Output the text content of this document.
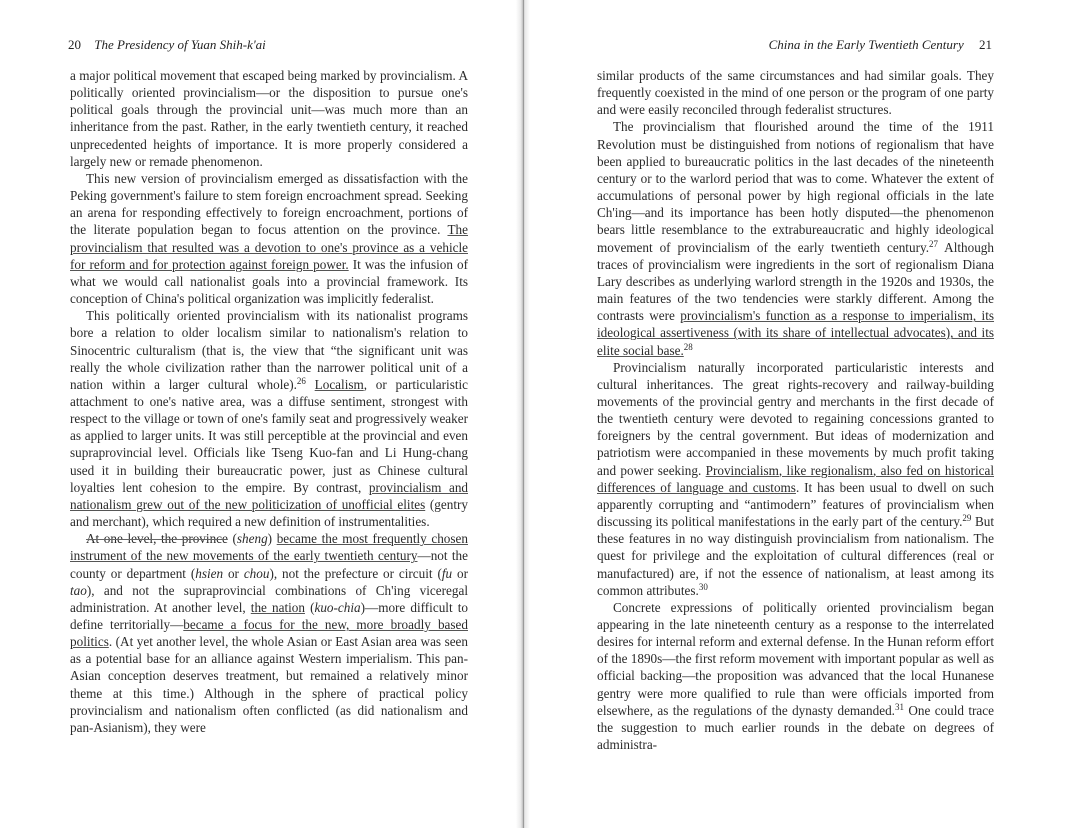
20 The Presidency of Yuan Shih-k'ai

a major political movement that escaped being marked by provincialism. A politically oriented provincialism—or the disposition to pursue one's political goals through the provincial unit—was much more than an inheritance from the past. Rather, in the early twentieth century, it reached unprecedented heights of importance. It is more properly considered a largely new or remade phenomenon.

This new version of provincialism emerged as dissatisfaction with the Peking government's failure to stem foreign encroachment spread. Seeking an arena for responding effectively to foreign encroachment, portions of the literate population began to focus attention on the province. The provincialism that resulted was a devotion to one's province as a vehicle for reform and for protection against foreign power. It was the infusion of what we would call nationalist goals into a provincial framework. Its conception of China's political organization was implicitly federalist.

This politically oriented provincialism with its nationalist programs bore a relation to older localism similar to nationalism's relation to Sinocentric culturalism (that is, the view that “the significant unit was really the whole civilization rather than the narrower political unit of a nation within a larger cultural whole).$^{26}$ Localism, or particularistic attachment to one's native area, was a diffuse sentiment, strongest with respect to the village or town of one's family seat and progressively weaker as applied to larger units. It was still perceptible at the provincial and even supraprovincial level. Officials like Tseng Kuo-fan and Li Hung-chang used it in building their bureaucratic power, just as Chinese cultural loyalties lent cohesion to the empire. By contrast, provincialism and nationalism grew out of the new politicization of unofficial elites (gentry and merchant), which required a new definition of instrumentalities.

At one level, the province (sheng) became the most frequently chosen instrument of the new movements of the early twentieth century—not the county or department (hsien or chou), not the prefecture or circuit (fu or tao), and not the supraprovincial combinations of Ch'ing viceregal administration. At another level, the nation (kuo-chia)—more difficult to define territorially—became a focus for the new, more broadly based politics. (At yet another level, the whole Asian or East Asian area was seen as a potential base for an alliance against Western imperialism. This pan-Asian conception deserves treatment, but remained a relatively minor theme at this time.) Although in the sphere of practical policy provincialism and nationalism often conflicted (as did nationalism and pan-Asianism), they were

China in the Early Twentieth Century 21

similar products of the same circumstances and had similar goals. They frequently coexisted in the mind of one person or the program of one party and were easily reconciled through federalist structures.

The provincialism that flourished around the time of the 1911 Revolution must be distinguished from notions of regionalism that have been applied to bureaucratic politics in the last decades of the nineteenth century or to the warlord period that was to come. Whatever the extent of accumulations of personal power by high regional officials in the late Ch'ing—and its importance has been hotly disputed—the phenomenon bears little resemblance to the extrabureaucratic and highly ideological movement of provincialism of the early twentieth century.$^{27}$ Although traces of provincialism were ingredients in the sort of regionalism Diana Lary describes as underlying warlord strength in the 1920s and 1930s, the main features of the two tendencies were starkly different. Among the contrasts were provincialism's function as a response to imperialism, its ideological assertiveness (with its share of intellectual advocates), and its elite social base.$^{28}$

Provincialism naturally incorporated particularistic interests and cultural inheritances. The great rights-recovery and railway-building movements of the provincial gentry and merchants in the first decade of the twentieth century were devoted to regaining concessions granted to foreigners by the central government. But ideas of modernization and patriotism were accompanied in these movements by much profit taking and power seeking. Provincialism, like regionalism, also fed on historical differences of language and customs. It has been usual to dwell on such apparently corrupting and “antimodern” features of provincialism when discussing its political manifestations in the early part of the century.$^{29}$ But these features in no way distinguish provincialism from nationalism. The quest for privilege and the exploitation of cultural differences (real or manufactured) are, if not the essence of nationalism, at least among its common attributes.$^{30}$

Concrete expressions of politically oriented provincialism began appearing in the late nineteenth century as a response to the interrelated desires for internal reform and external defense. In the Hunan reform effort of the 1890s—the first reform movement with important popular as well as official backing—the proposition was advanced that the local Hunanese gentry were more qualified to rule than were officials imported from elsewhere, as the regulations of the dynasty demanded.$^{31}$ One could trace the suggestion to much earlier rounds in the debate on degrees of administra-
